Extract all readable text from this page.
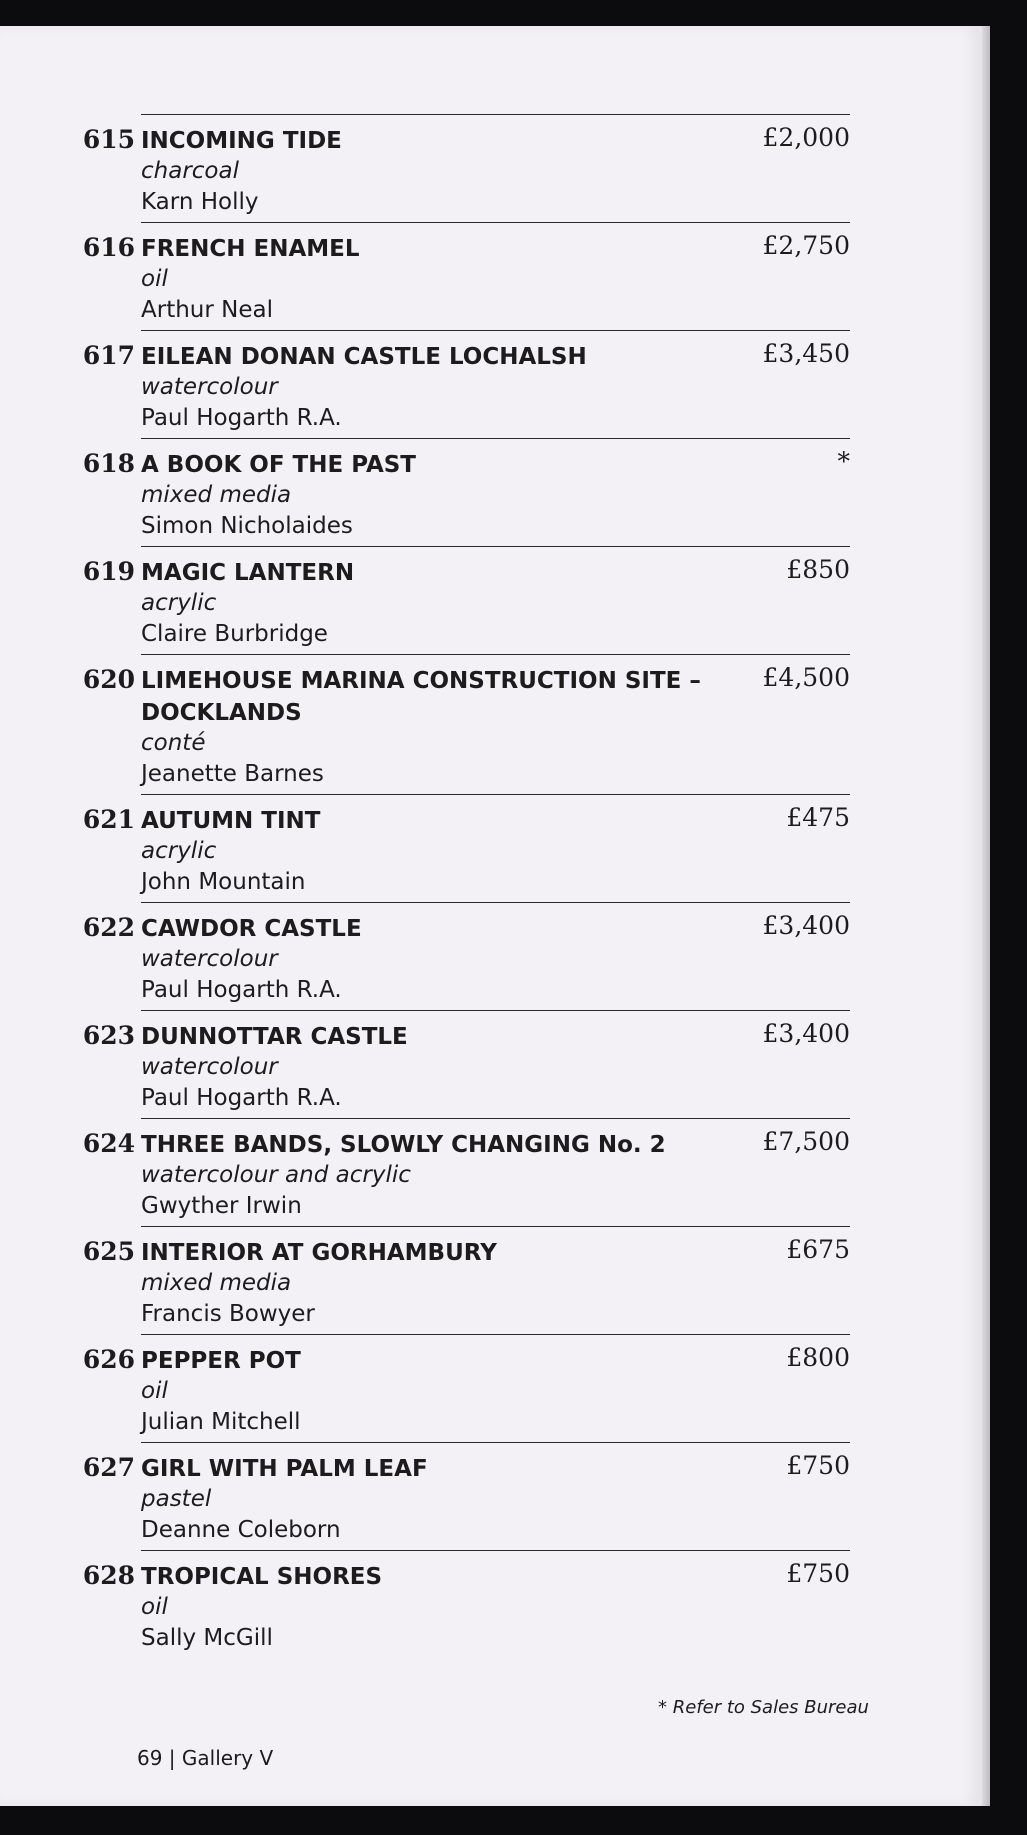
615 INCOMING TIDE
charcoal
Karn Holly
£2,000
616 FRENCH ENAMEL
oil
Arthur Neal
£2,750
617 EILEAN DONAN CASTLE LOCHALSH
watercolour
Paul Hogarth R.A.
£3,450
618 A BOOK OF THE PAST
mixed media
Simon Nicholaides
*
619 MAGIC LANTERN
acrylic
Claire Burbridge
£850
620 LIMEHOUSE MARINA CONSTRUCTION SITE – DOCKLANDS
conté
Jeanette Barnes
£4,500
621 AUTUMN TINT
acrylic
John Mountain
£475
622 CAWDOR CASTLE
watercolour
Paul Hogarth R.A.
£3,400
623 DUNNOTTAR CASTLE
watercolour
Paul Hogarth R.A.
£3,400
624 THREE BANDS, SLOWLY CHANGING No. 2
watercolour and acrylic
Gwyther Irwin
£7,500
625 INTERIOR AT GORHAMBURY
mixed media
Francis Bowyer
£675
626 PEPPER POT
oil
Julian Mitchell
£800
627 GIRL WITH PALM LEAF
pastel
Deanne Coleborn
£750
628 TROPICAL SHORES
oil
Sally McGill
£750
* Refer to Sales Bureau
69 | Gallery V
